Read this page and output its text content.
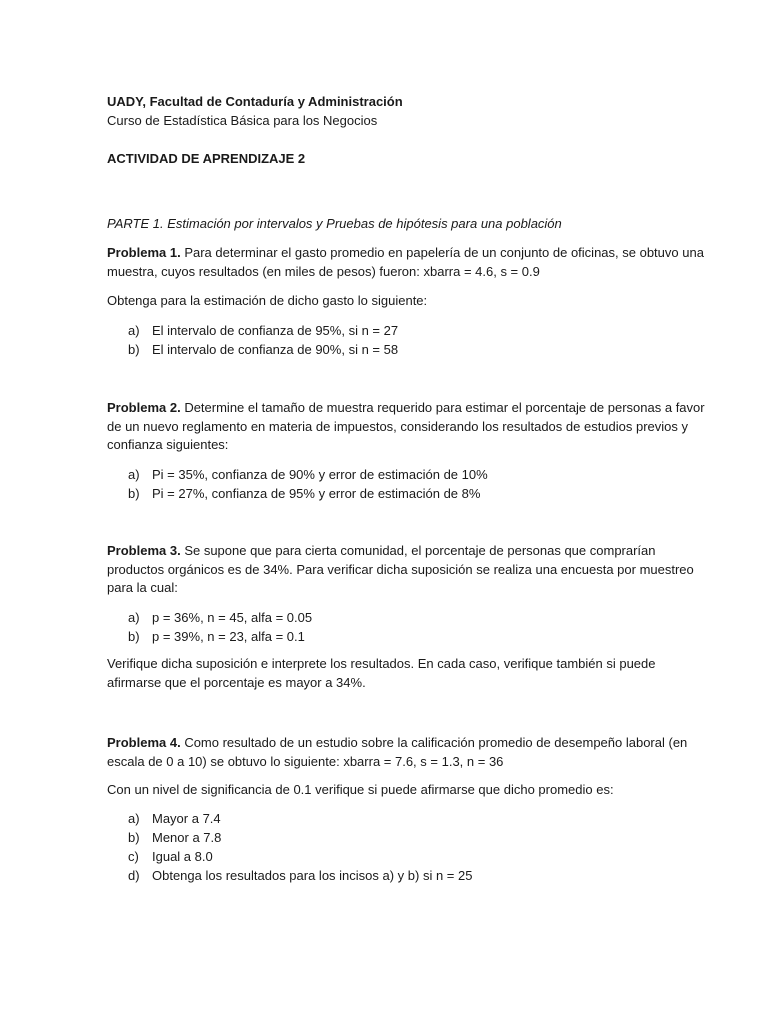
UADY, Facultad de Contaduría y Administración
Curso de Estadística Básica para los Negocios
ACTIVIDAD DE APRENDIZAJE 2
PARTE 1. Estimación por intervalos y Pruebas de hipótesis para una población
Problema 1. Para determinar el gasto promedio en papelería de un conjunto de oficinas, se obtuvo una muestra, cuyos resultados (en miles de pesos) fueron: xbarra = 4.6, s = 0.9
Obtenga para la estimación de dicho gasto lo siguiente:
a) El intervalo de confianza de 95%, si n = 27
b) El intervalo de confianza de 90%, si n = 58
Problema 2. Determine el tamaño de muestra requerido para estimar el porcentaje de personas a favor de un nuevo reglamento en materia de impuestos, considerando los resultados de estudios previos y confianza siguientes:
a) Pi = 35%, confianza de 90% y error de estimación de 10%
b) Pi = 27%, confianza de 95% y error de estimación de 8%
Problema 3. Se supone que para cierta comunidad, el porcentaje de personas que comprarían productos orgánicos es de 34%. Para verificar dicha suposición se realiza una encuesta por muestreo para la cual:
a) p = 36%, n = 45, alfa = 0.05
b) p = 39%, n = 23, alfa = 0.1
Verifique dicha suposición e interprete los resultados. En cada caso, verifique también si puede afirmarse que el porcentaje es mayor a 34%.
Problema 4. Como resultado de un estudio sobre la calificación promedio de desempeño laboral (en escala de 0 a 10) se obtuvo lo siguiente: xbarra = 7.6, s = 1.3, n = 36
Con un nivel de significancia de 0.1 verifique si puede afirmarse que dicho promedio es:
a) Mayor a 7.4
b) Menor a 7.8
c) Igual a 8.0
d) Obtenga los resultados para los incisos a) y b) si n = 25
